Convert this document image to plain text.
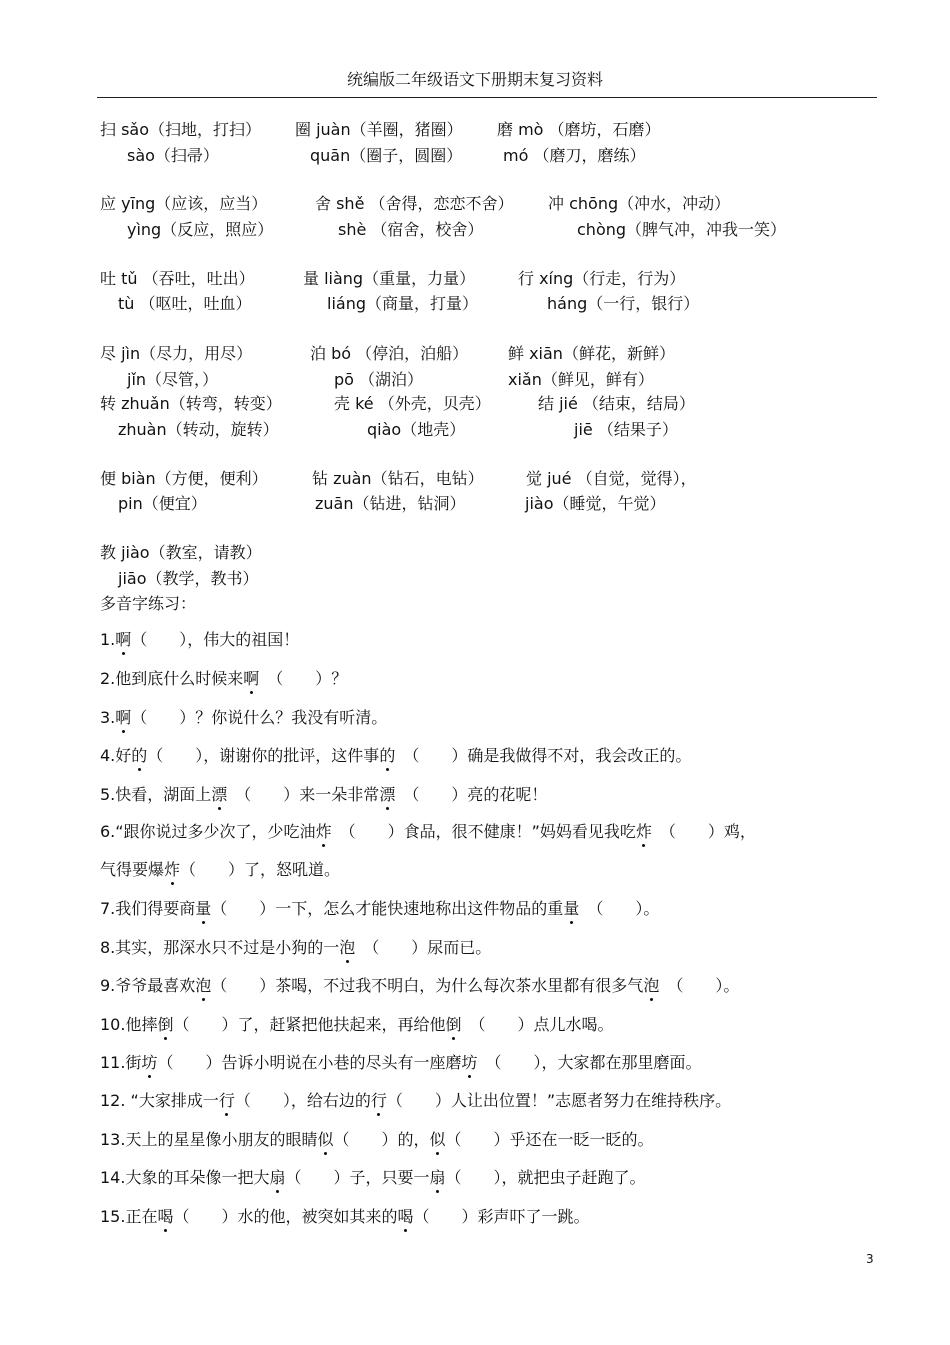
统编版二年级语文下册期末复习资料
扫 sǎo（扫地，打扫） 圈 juàn（羊圈，猪圈） 磨 mò （磨坊，石磨）
sào（扫帚）	quān（圈子，圆圈）	mó （磨刀，磨练）
应 yīng（应该，应当）	舍 shě （舍得，恋恋不舍） 冲 chōng（冲水，冲动）
yìng（反应，照应）	shè （宿舍，校舍）	chòng（脾气冲，冲我一笑）
吐 tǔ （吞吐，吐出）	量 liàng（重量，力量）	行 xíng（行走，行为）
tù （呕吐，吐血）	liáng（商量，打量）	háng（一行，银行）
尽 jìn（尽力，用尽）	泊 bó （停泊，泊船） 鲜 xiān（鲜花，新鲜）
jǐn（尽管，）	pō （湖泊）	xiǎn（鲜见，鲜有）
转 zhuǎn（转弯，转变）	壳 ké （外壳，贝壳）	结 jié （结束，结局）
zhuàn（转动，旋转）	qiào（地壳）	jiē （结果子）
便 biàn（方便，便利）	钻 zuàn（钻石，电钻）	觉 jué （自觉，觉得），
pin（便宜）	zuān（钻进，钻洞）	jiào（睡觉，午觉）
教 jiào（教室，请教）
jiāo（教学，教书）
多音字练习：
1.啊（　　），伟大的祖国！
2.他到底什么时候来啊　（　　）？
3.啊（　　）？你说什么？我没有听清。
4.好的（　　），谢谢你的批评，这件事的　（　　）确是我做得不对，我会改正的。
5.快看，湖面上漂　（　　）来一朵非常漂　（　　）亮的花呢！
6.“跟你说过多少次了，少吃油炸　（　　）食品，很不健康！”妈妈看见我吃炸　（　　）鸡，
气得要爆炸（　　）了，怒吼道。
7.我们得要商量（　　）一下，怎么才能快速地称出这件物品的重量　（　　）。
8.其实，那深水只不过是小狗的一泡　（　　）尿而已。
9.爷爷最喜欢泡（　　）茶喝，不过我不明白，为什么每次茶水里都有很多气泡　（　　）。
10.他摔倒（　　）了，赶紧把他扶起来，再给他倒　（　　）点儿水喝。
11.街坊（　　）告诉小明说在小巷的尽头有一座磨坊　（　　），大家都在那里磨面。
12. “大家排成一行（　　），给右边的行（　　）人让出位置！”志愿者努力在维持秩序。
13.天上的星星像小朋友的眼睛似（　　）的，似（　　）乎还在一眨一眨的。
14.大象的耳朵像一把大扇（　　）子，只要一扇（　　），就把虫子赶跑了。
15.正在喝（　　）水的他，被突如其来的喝（　　）彩声吓了一跳。
3
